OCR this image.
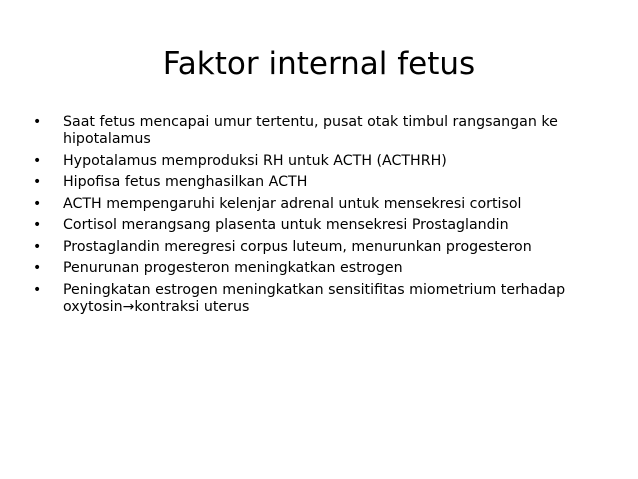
Faktor internal fetus
•	Saat fetus mencapai umur tertentu, pusat otak timbul rangsangan ke hipotalamus
•	Hypotalamus memproduksi RH untuk ACTH (ACTHRH)
•	Hipofisa fetus menghasilkan ACTH
•	ACTH mempengaruhi kelenjar adrenal untuk mensekresi cortisol
•	Cortisol merangsang plasenta untuk mensekresi Prostaglandin
•	Prostaglandin meregresi corpus luteum, menurunkan progesteron
•	Penurunan progesteron meningkatkan estrogen
•	Peningkatan estrogen meningkatkan sensitifitas miometrium terhadap oxytosin→kontraksi uterus
